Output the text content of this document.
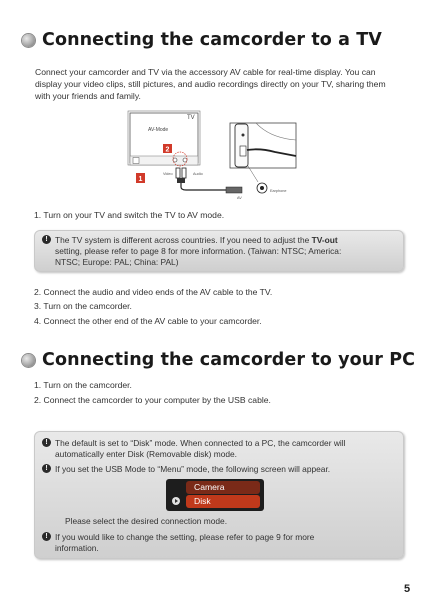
Connecting the camcorder to a TV
Connect your camcorder and TV via the accessory AV cable for real-time display. You can display your video clips, still pictures, and audio recordings directly on your TV, sharing them with your friends and family.
TV
AV-Mode
Video	Audio
2
1
AV
Earphone
1. Turn on your TV and switch the TV to AV mode.
! The TV system is different across countries. If you need to adjust the TV-out
setting, please refer to page 8 for more information. (Taiwan: NTSC; America:
NTSC; Europe: PAL; China: PAL)
2. Connect the audio and video ends of the AV cable to the TV.
3. Turn on the camcorder.
4. Connect the other end of the AV cable to your camcorder.
Connecting the camcorder to your PC
1. Turn on the camcorder.
2. Connect the camcorder to your computer by the USB cable.
! The default is set to “Disk” mode. When connected to a PC, the camcorder will
automatically enter Disk (Removable disk) mode.
! If you set the USB Mode to “Menu” mode, the following screen will appear.
Please select the desired connection mode.
! If you would like to change the setting, please refer to page 9 for more
information.
Camera
Disk
5
